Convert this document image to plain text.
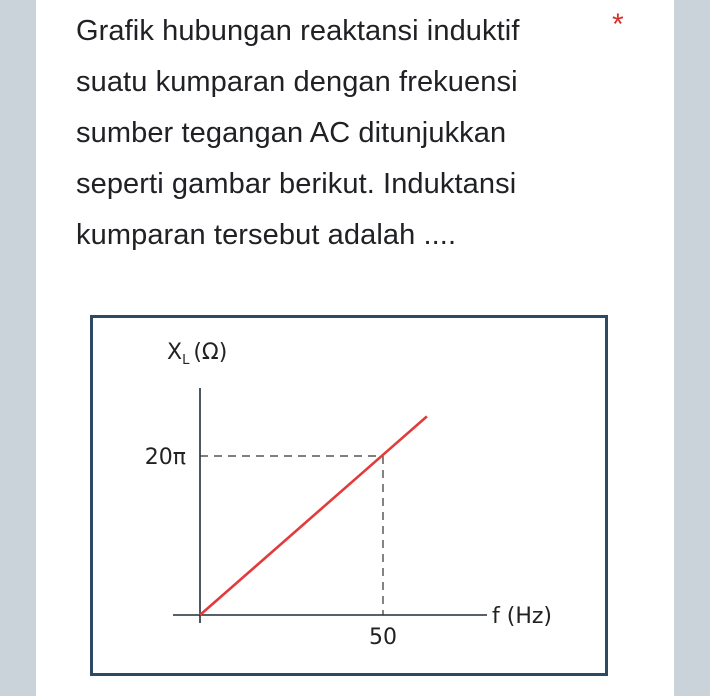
Grafik hubungan reaktansi induktif
suatu kumparan dengan frekuensi
sumber tegangan AC ditunjukkan
seperti gambar berikut. Induktansi
kumparan tersebut adalah ....

*
$X_L$ (Ω)
f (Hz)
20π
50
